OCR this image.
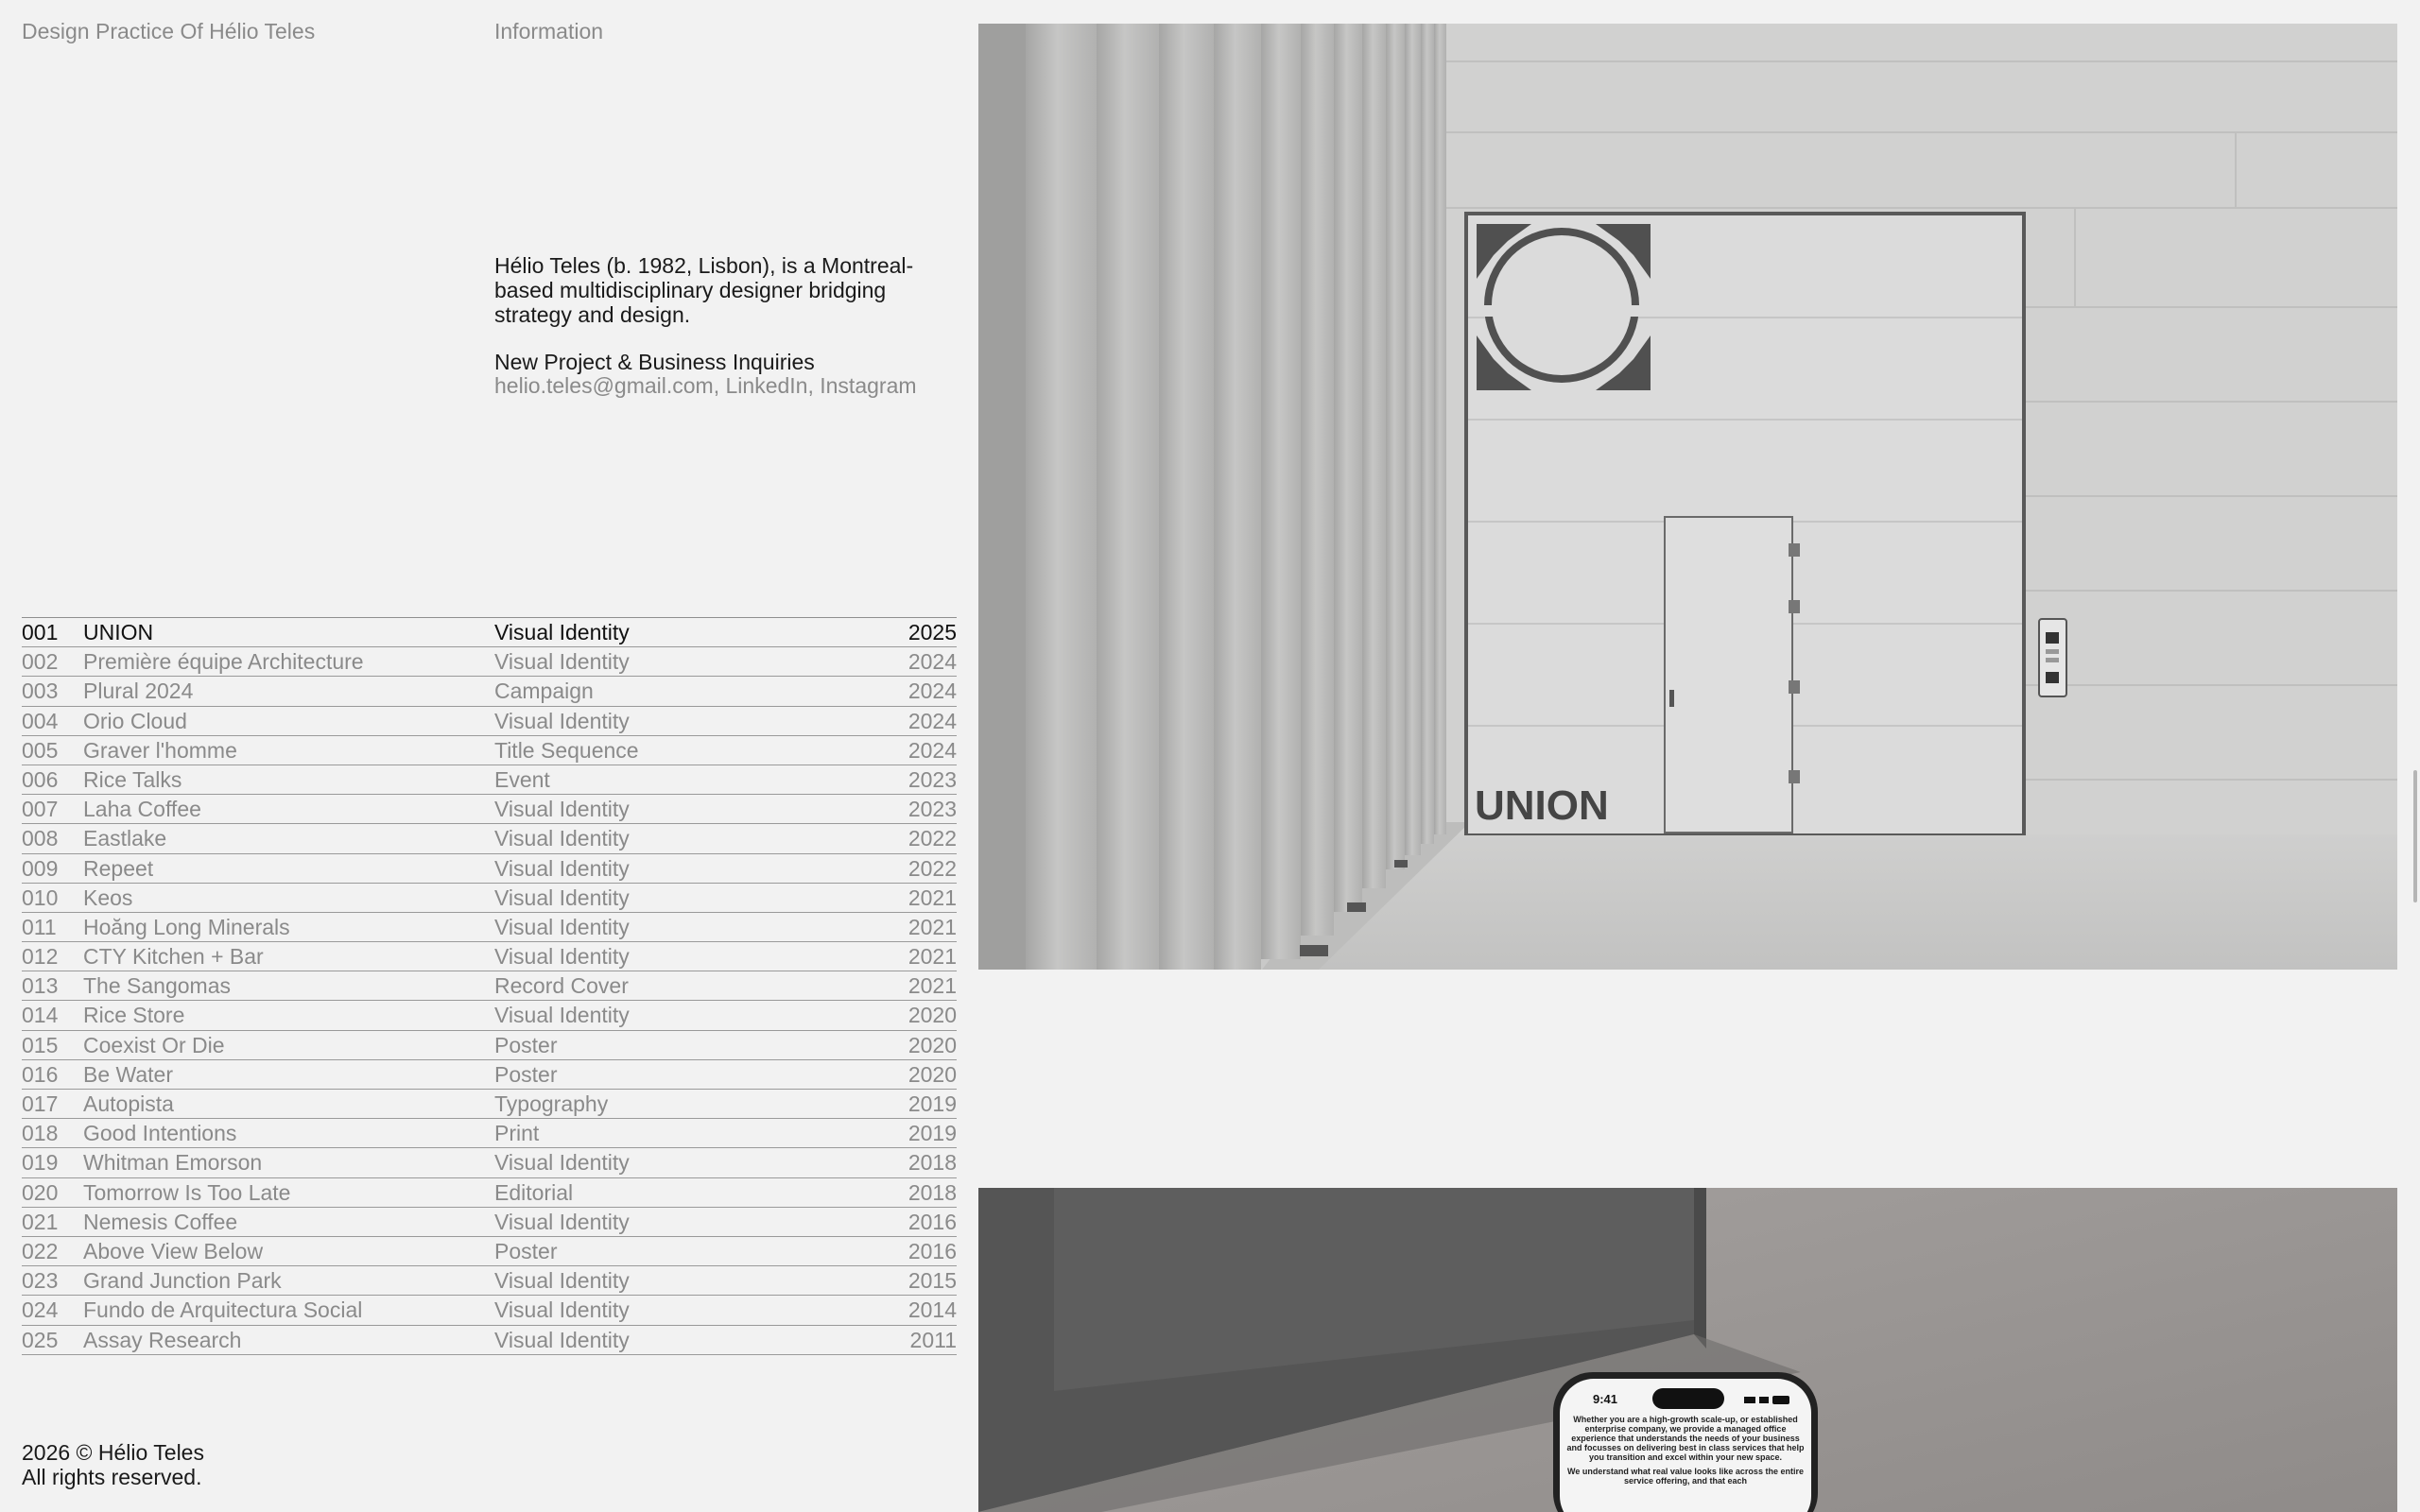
Design Practice Of Hélio Teles	Information
Hélio Teles (b. 1982, Lisbon), is a Montreal-based multidisciplinary designer bridging strategy and design.
New Project & Business Inquiries
helio.teles@gmail.com, LinkedIn, Instagram
001 UNION	Visual Identity	2025
002 Première équipe Architecture	Visual Identity	2024
003 Plural 2024	Campaign	2024
004 Orio Cloud	Visual Identity	2024
005 Graver l'homme	Title Sequence	2024
006 Rice Talks	Event	2023
007 Laha Coffee	Visual Identity	2023
008 Eastlake	Visual Identity	2022
009 Repeet	Visual Identity	2022
010 Keos	Visual Identity	2021
011 Hoăng Long Minerals	Visual Identity	2021
012 CTY Kitchen + Bar	Visual Identity	2021
013 The Sangomas	Record Cover	2021
014 Rice Store	Visual Identity	2020
015 Coexist Or Die	Poster	2020
016 Be Water	Poster	2020
017 Autopista	Typography	2019
018 Good Intentions	Print	2019
019 Whitman Emorson	Visual Identity	2018
020 Tomorrow Is Too Late	Editorial	2018
021 Nemesis Coffee	Visual Identity	2016
022 Above View Below	Poster	2016
023 Grand Junction Park	Visual Identity	2015
024 Fundo de Arquitectura Social	Visual Identity	2014
025 Assay Research	Visual Identity	2011
2026 © Hélio Teles
All rights reserved.
UNION
9:41
Whether you are a high-growth scale-up, or established enterprise company, we provide a managed office experience that understands the needs of your business and focusses on delivering best in class services that help you transition and excel within your new space.
We understand what real value looks like across the entire service offering, and that each
